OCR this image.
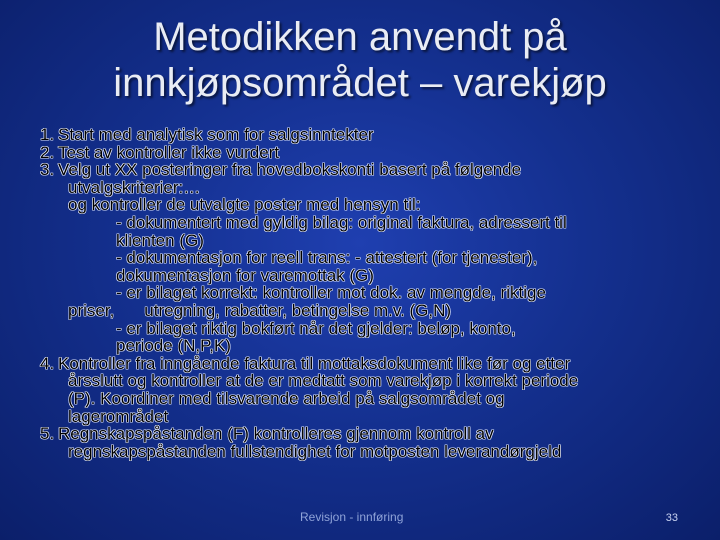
Metodikken anvendt på
innkjøpsområdet – varekjøp
1. Start med analytisk som for salgsinntekter
2. Test av kontroller ikke vurdert
3. Velg ut XX posteringer fra hovedbokskonti basert på følgende
utvalgskriterier:…
og kontroller de utvalgte poster med hensyn til:
- dokumentert med gyldig bilag: original faktura, adressert til
klienten (G)
- dokumentasjon for reell trans: - attestert (for tjenester),
dokumentasjon for varemottak (G)
- er bilaget korrekt: kontroller mot dok. av mengde, riktige
priser, utregning, rabatter, betingelse m.v. (G,N)
- er bilaget riktig bokført når det gjelder: beløp, konto,
periode (N,P,K)
4. Kontroller fra inngående faktura til mottaksdokument like før og etter
årsslutt og kontroller at de er medtatt som varekjøp i korrekt periode
(P). Koordiner med tilsvarende arbeid på salgsområdet og
lagerområdet
5. Regnskapspåstanden (F) kontrolleres gjennom kontroll av
regnskapspåstanden fullstendighet for motposten leverandørgjeld
Revisjon - innføring	33
